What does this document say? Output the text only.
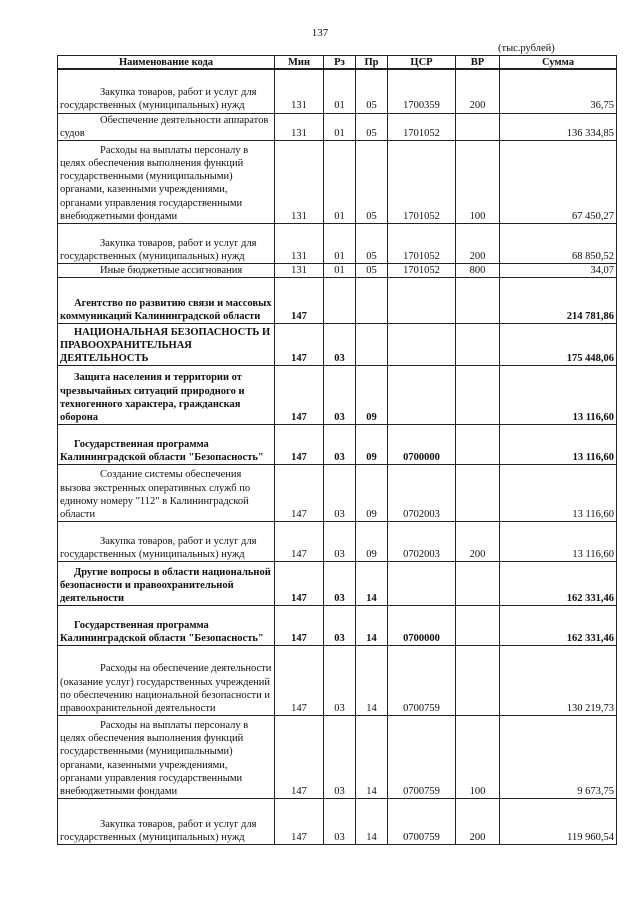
137
(тыс.рублей)
Наименование кода	Мин	Рз	Пр	ЦСР	ВР	Сумма
Закупка товаров, работ и услуг для государственных (муниципальных) нужд	131	01	05	1700359	200	36,75
Обеспечение деятельности аппаратов судов	131	01	05	1701052		136 334,85
Расходы на выплаты персоналу в целях обеспечения выполнения функций государственными (муниципальными) органами, казенными учреждениями, органами управления государственными внебюджетными фондами	131	01	05	1701052	100	67 450,27
Закупка товаров, работ и услуг для государственных (муниципальных) нужд	131	01	05	1701052	200	68 850,52
Иные бюджетные ассигнования	131	01	05	1701052	800	34,07
Агентство по развитию связи и массовых коммуникаций Калининградской области	147					214 781,86
НАЦИОНАЛЬНАЯ БЕЗОПАСНОСТЬ И ПРАВООХРАНИТЕЛЬНАЯ ДЕЯТЕЛЬНОСТЬ	147	03				175 448,06
Защита населения и территории от чрезвычайных ситуаций природного и техногенного характера, гражданская оборона	147	03	09			13 116,60
Государственная программа Калининградской области "Безопасность"	147	03	09	0700000		13 116,60
Создание системы обеспечения вызова экстренных оперативных служб по единому номеру "112" в Калининградской области	147	03	09	0702003		13 116,60
Закупка товаров, работ и услуг для государственных (муниципальных) нужд	147	03	09	0702003	200	13 116,60
Другие вопросы в области национальной безопасности и правоохранительной деятельности	147	03	14			162 331,46
Государственная программа Калининградской области "Безопасность"	147	03	14	0700000		162 331,46
Расходы на обеспечение деятельности (оказание услуг) государственных учреждений по обеспечению национальной безопасности и правоохранительной деятельности	147	03	14	0700759		130 219,73
Расходы на выплаты персоналу в целях обеспечения выполнения функций государственными (муниципальными) органами, казенными учреждениями, органами управления государственными внебюджетными фондами	147	03	14	0700759	100	9 673,75
Закупка товаров, работ и услуг для государственных (муниципальных) нужд	147	03	14	0700759	200	119 960,54
